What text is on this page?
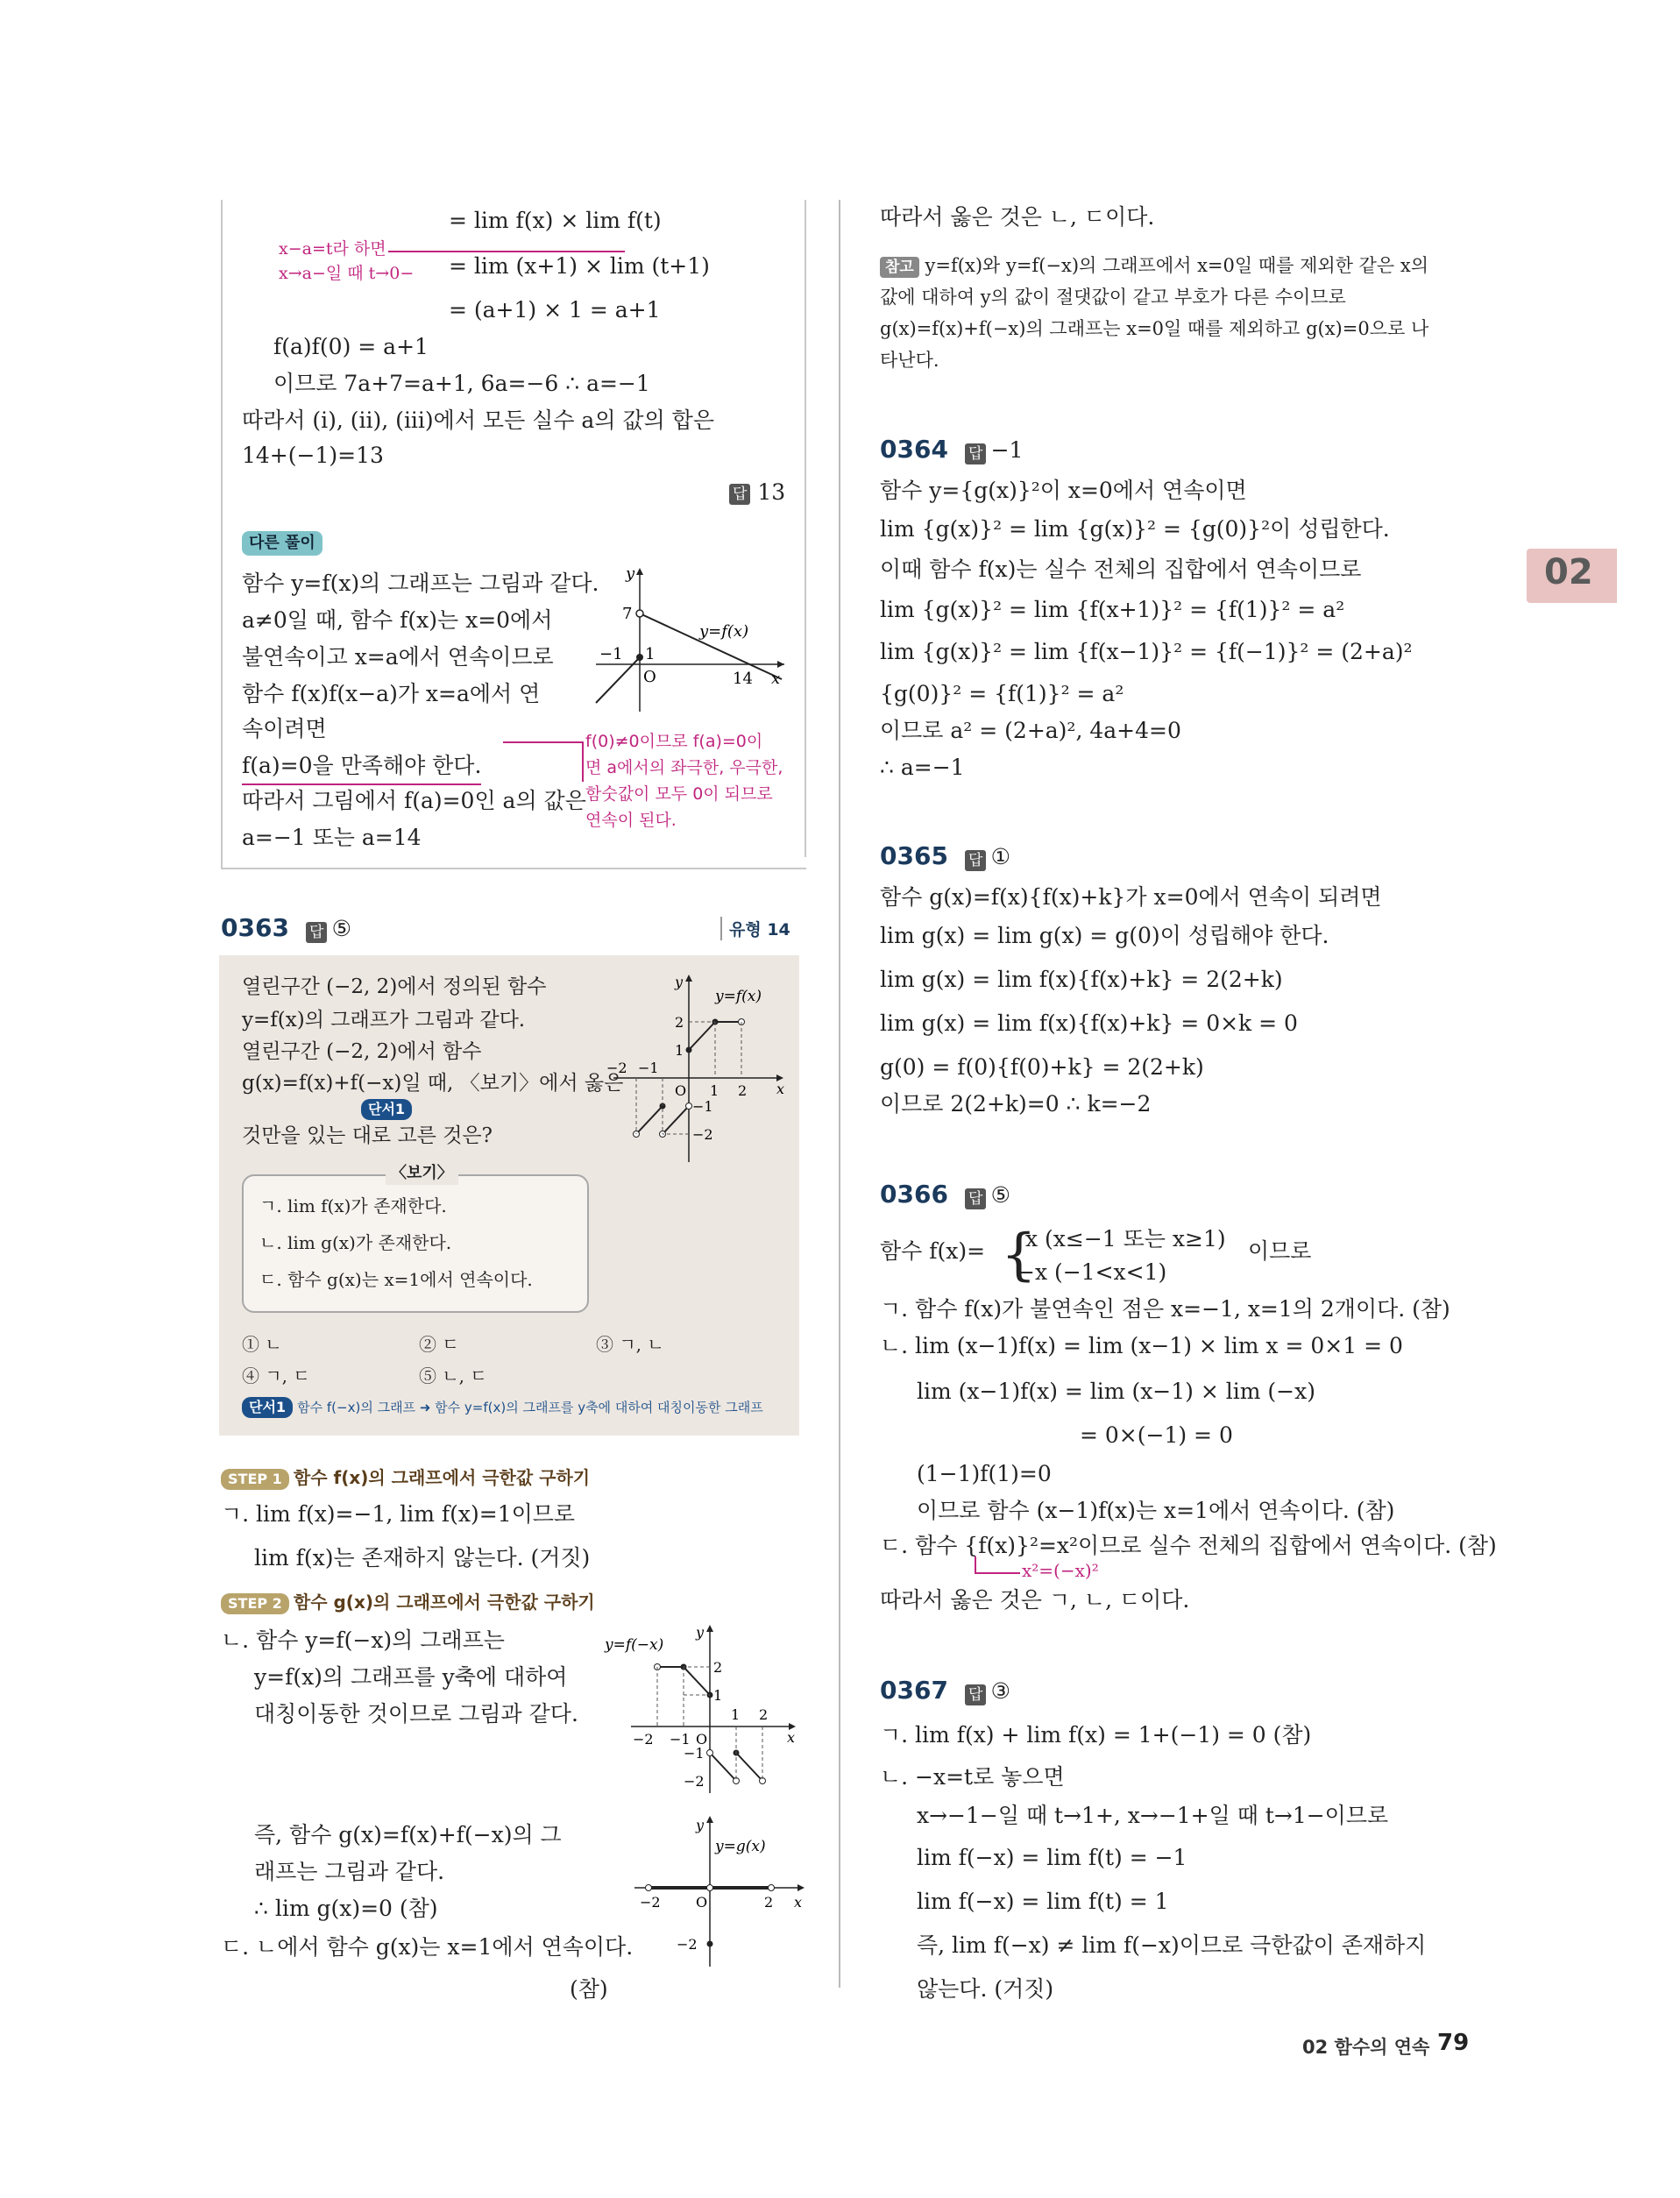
= lim f(x) × lim f(t)
x−a=t라 하면
x→a−일 때 t→0− = lim (x+1) × lim (t+1)
= (a+1) × 1 = a+1
f(a)f(0) = a+1
이므로 7a+7=a+1, 6a=−6 ∴ a=−1
따라서 (i), (ii), (iii)에서 모든 실수 a의 값의 합은
14+(−1)=13
답 13
다른 풀이
함수 y=f(x)의 그래프는 그림과 같다.
a≠0일 때, 함수 f(x)는 x=0에서
불연속이고 x=a에서 연속이므로
함수 f(x)f(x−a)가 x=a에서 연
속이려면
f(a)=0을 만족해야 한다.
따라서 그림에서 f(a)=0인 a의 값은
a=−1 또는 a=14
f(0)≠0이므로 f(a)=0이
면 a에서의 좌극한, 우극한,
함숫값이 모두 0이 되므로
연속이 된다.
y
x
O
7
−1 1
14
y=f(x)
0363 답 ⑤	유형 14
열린구간 (−2, 2)에서 정의된 함수
y=f(x)의 그래프가 그림과 같다.
열린구간 (−2, 2)에서 함수
g(x)=f(x)+f(−x)일 때, 〈보기〉에서 옳은
단서1
것만을 있는 대로 고른 것은?
y
x
2
1
−2 −1
O 1 2
−1
−2
y=f(x)
〈보기〉
ㄱ. lim f(x)가 존재한다.
ㄴ. lim g(x)가 존재한다.
ㄷ. 함수 g(x)는 x=1에서 연속이다.
① ㄴ	② ㄷ	③ ㄱ, ㄴ
④ ㄱ, ㄷ	⑤ ㄴ, ㄷ
단서1 함수 f(−x)의 그래프 ➜ 함수 y=f(x)의 그래프를 y축에 대하여 대칭이동한 그래프
STEP 1 함수 f(x)의 그래프에서 극한값 구하기
ㄱ. lim f(x)=−1, lim f(x)=1이므로
lim f(x)는 존재하지 않는다. (거짓)
STEP 2 함수 g(x)의 그래프에서 극한값 구하기
ㄴ. 함수 y=f(−x)의 그래프는
y=f(x)의 그래프를 y축에 대하여
대칭이동한 것이므로 그림과 같다.
y
x
2
1
−2 −1 O
1 2
−1
−2
y=f(−x)
즉, 함수 g(x)=f(x)+f(−x)의 그
래프는 그림과 같다.
∴ lim g(x)=0 (참)
ㄷ. ㄴ에서 함수 g(x)는 x=1에서 연속이다.
(참)
y
x
−2	O	2
−2
y=g(x)
따라서 옳은 것은 ㄴ, ㄷ이다.
참고 y=f(x)와 y=f(−x)의 그래프에서 x=0일 때를 제외한 같은 x의
값에 대하여 y의 값이 절댓값이 같고 부호가 다른 수이므로
g(x)=f(x)+f(−x)의 그래프는 x=0일 때를 제외하고 g(x)=0으로 나
타난다.
0364 답 −1
함수 y={g(x)}²이 x=0에서 연속이면
lim {g(x)}² = lim {g(x)}² = {g(0)}²이 성립한다.
이때 함수 f(x)는 실수 전체의 집합에서 연속이므로
lim {g(x)}² = lim {f(x+1)}² = {f(1)}² = a²
lim {g(x)}² = lim {f(x−1)}² = {f(−1)}² = (2+a)²
{g(0)}² = {f(1)}² = a²
이므로 a² = (2+a)², 4a+4=0
∴ a=−1
0365 답 ①
함수 g(x)=f(x){f(x)+k}가 x=0에서 연속이 되려면
lim g(x) = lim g(x) = g(0)이 성립해야 한다.
lim g(x) = lim f(x){f(x)+k} = 2(2+k)
lim g(x) = lim f(x){f(x)+k} = 0×k = 0
g(0) = f(0){f(0)+k} = 2(2+k)
이므로 2(2+k)=0 ∴ k=−2
0366 답 ⑤
함수 f(x)= {
x (x≤−1 또는 x≥1)
−x (−1<x<1)
이므로
ㄱ. 함수 f(x)가 불연속인 점은 x=−1, x=1의 2개이다. (참)
ㄴ. lim (x−1)f(x) = lim (x−1) × lim x = 0×1 = 0
lim (x−1)f(x) = lim (x−1) × lim (−x)
= 0×(−1) = 0
(1−1)f(1)=0
이므로 함수 (x−1)f(x)는 x=1에서 연속이다. (참)
ㄷ. 함수 {f(x)}²=x²이므로 실수 전체의 집합에서 연속이다. (참)
x²=(−x)²
따라서 옳은 것은 ㄱ, ㄴ, ㄷ이다.
0367 답 ③
ㄱ. lim f(x) + lim f(x) = 1+(−1) = 0 (참)
ㄴ. −x=t로 놓으면
x→−1−일 때 t→1+, x→−1+일 때 t→1−이므로
lim f(−x) = lim f(t) = −1
lim f(−x) = lim f(t) = 1
즉, lim f(−x) ≠ lim f(−x)이므로 극한값이 존재하지
않는다. (거짓)
02
02 함수의 연속 79
